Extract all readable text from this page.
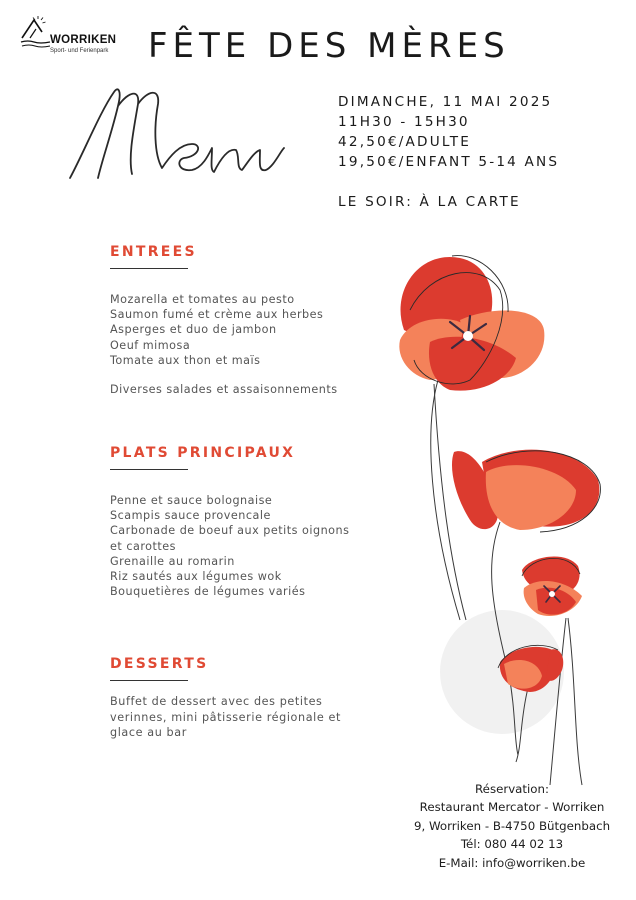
WORRIKEN
Sport- und Ferienpark FÊTE DES MÈRES
DIMANCHE, 11 MAI 2025
11H30 - 15H30
42,50€/ADULTE
19,50€/ENFANT 5-14 ANS
LE SOIR: À LA CARTE
ENTREES
Mozarella et tomates au pesto
Saumon fumé et crème aux herbes
Asperges et duo de jambon
Oeuf mimosa
Tomate aux thon et maïs
Diverses salades et assaisonnements
PLATS PRINCIPAUX
Penne et sauce bolognaise
Scampis sauce provencale
Carbonade de boeuf aux petits oignons
et carottes
Grenaille au romarin
Riz sautés aux légumes wok
Bouquetières de légumes variés
DESSERTS
Buffet de dessert avec des petites verinnes, mini pâtisserie régionale et glace au bar
Réservation:
Restaurant Mercator - Worriken
9, Worriken - B-4750 Bütgenbach
Tél: 080 44 02 13
E-Mail: info@worriken.be
